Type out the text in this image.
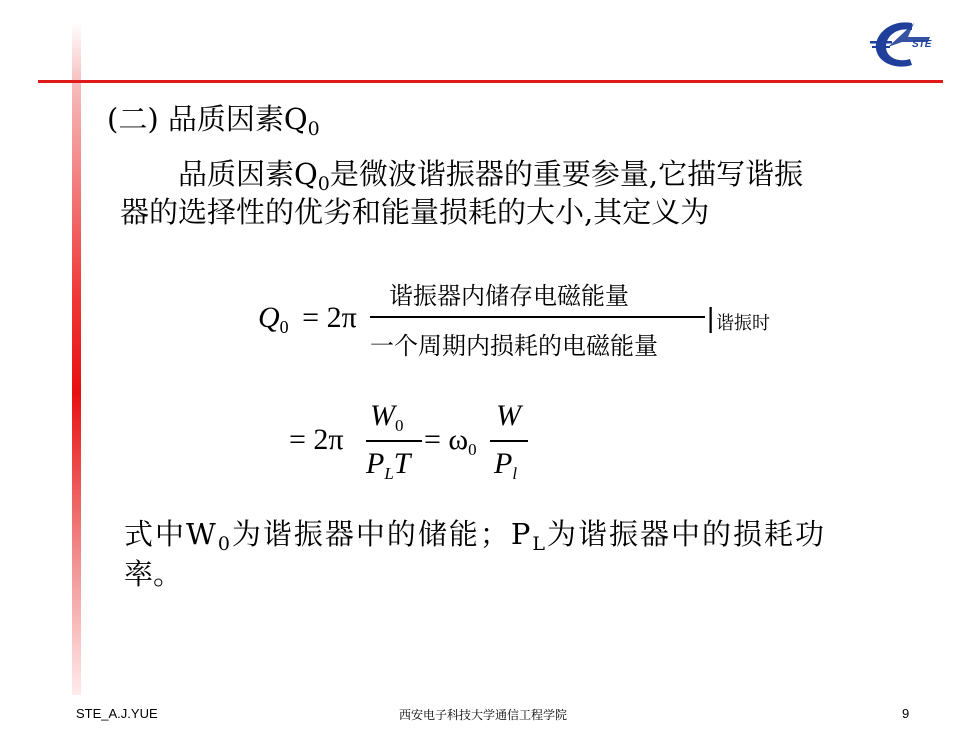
STE
(二) 品质因素$Q_0$
品质因素$Q_0$是微波谐振器的重要参量,它描写谐振
器的选择性的优劣和能量损耗的大小,其定义为
$Q_0 = 2\pi$
谐振器内储存电磁能量
一个周期内损耗的电磁能量
| 谐振时
= 2π
$W_0$
$P_LT$
= $\omega_0$
W
$P_l$
式中$W_0$为谐振器中的储能；$P_L$为谐振器中的损耗功
率。
STE_A.J.YUE	西安电子科技大学通信工程学院	9
